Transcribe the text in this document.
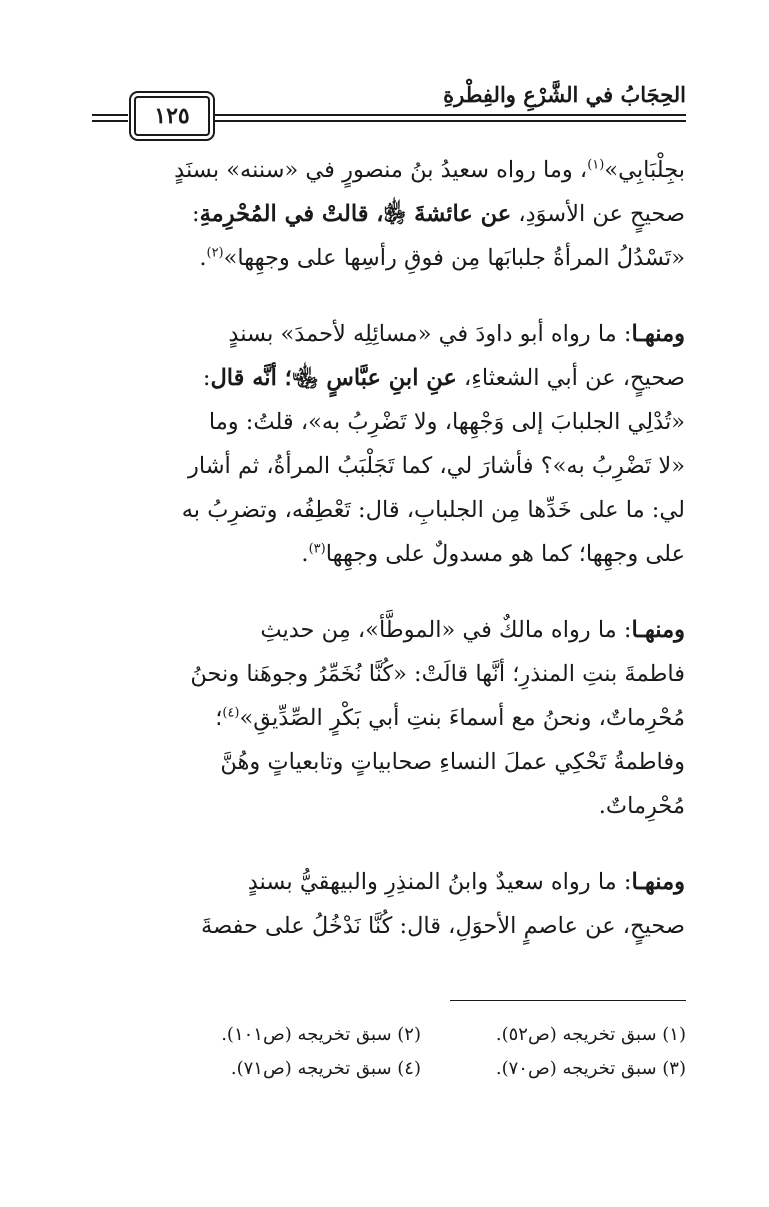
الحِجَابُ في الشَّرْعِ والفِطْرةِ
١٢٥
بجِلْبَابِي»$^{(١)}$، وما رواه سعيدُ بنُ منصورٍ في «سننه» بسنَدٍ
صحيحٍ عن الأسوَدِ، عن عائشةَ ﵂، قالتْ في المُحْرِمةِ:
«تَسْدُلُ المرأةُ جلبابَها مِن فوقِ رأسِها على وجهِها»$^{(٢)}$.
ومنهـا: ما رواه أبو داودَ في «مسائِلِه لأحمدَ» بسندٍ
صحيحٍ، عن أبي الشعثاءِ، عنِ ابنِ عبَّاسٍ ﵄؛ أنَّه قال:
«تُدْلِي الجلبابَ إلى وَجْهِها، ولا تَضْرِبُ به»، قلتُ: وما
«لا تَضْرِبُ به»؟ فأشارَ لي، كما تَجَلْبَبُ المرأةُ، ثم أشار
لي: ما على خَدِّها مِن الجلبابِ، قال: تَعْطِفُه، وتضرِبُ به
على وجهِها؛ كما هو مسدولٌ على وجهِها$^{(٣)}$.
ومنهـا: ما رواه مالكٌ في «الموطَّأ»، مِن حديثِ
فاطمةَ بنتِ المنذرِ؛ أنَّها قالَتْ: «كُنَّا نُخَمِّرُ وجوهَنا ونحنُ
مُحْرِماتٌ، ونحنُ مع أسماءَ بنتِ أبي بَكْرٍ الصِّدِّيقِ»$^{(٤)}$؛
وفاطمةُ تَحْكِي عملَ النساءِ صحابياتٍ وتابعياتٍ وهُنَّ
مُحْرِماتٌ.
ومنهـا: ما رواه سعيدٌ وابنُ المنذِرِ والبيهقيُّ بسندٍ
صحيحٍ، عن عاصمٍ الأحوَلِ، قال: كُنَّا نَدْخُلُ على حفصةَ
(١) سبق تخريجه (ص٥٢).
(٢) سبق تخريجه (ص١٠١).
(٣) سبق تخريجه (ص٧٠).
(٤) سبق تخريجه (ص٧١).
